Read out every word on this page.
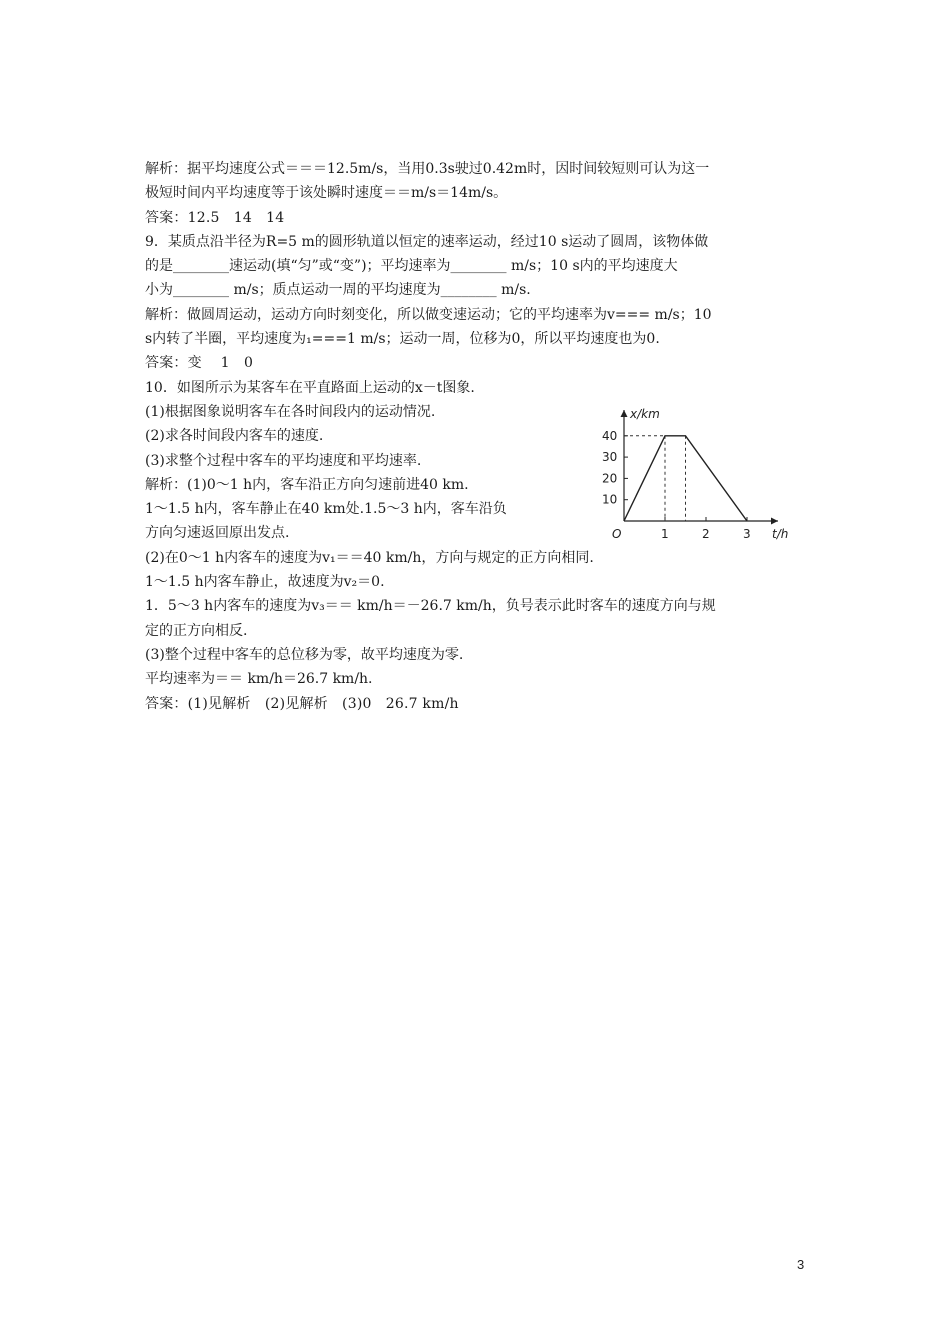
解析：据平均速度公式＝＝＝12.5m/s，当用0.3s驶过0.42m时，因时间较短则可认为这一
极短时间内平均速度等于该处瞬时速度＝＝m/s＝14m/s。
答案：12.5　14　14
9．某质点沿半径为R=5 m的圆形轨道以恒定的速率运动，经过10 s运动了圆周，该物体做
的是________速运动(填“匀”或“变”)；平均速率为________ m/s；10 s内的平均速度大
小为________ m/s；质点运动一周的平均速度为________ m/s.
解析：做圆周运动，运动方向时刻变化，所以做变速运动；它的平均速率为v=== m/s；10
s内转了半圈，平均速度为₁===1 m/s；运动一周，位移为0，所以平均速度也为0.
答案：变　 1　0
10．如图所示为某客车在平直路面上运动的x－t图象.
(1)根据图象说明客车在各时间段内的运动情况.
(2)求各时间段内客车的速度.
(3)求整个过程中客车的平均速度和平均速率.
解析：(1)0～1 h内，客车沿正方向匀速前进40 km.
1～1.5 h内，客车静止在40 km处.1.5～3 h内，客车沿负
方向匀速返回原出发点.
(2)在0～1 h内客车的速度为v₁＝＝40 km/h，方向与规定的正方向相同.
1～1.5 h内客车静止，故速度为v₂＝0.
1．5～3 h内客车的速度为v₃＝＝ km/h＝－26.7 km/h，负号表示此时客车的速度方向与规
定的正方向相反.
(3)整个过程中客车的总位移为零，故平均速度为零.
平均速率为＝＝ km/h＝26.7 km/h.
答案：(1)见解析　(2)见解析　(3)0　26.7 km/h
x/km
t/h
O	1	2	3
10
20
30
40
3
